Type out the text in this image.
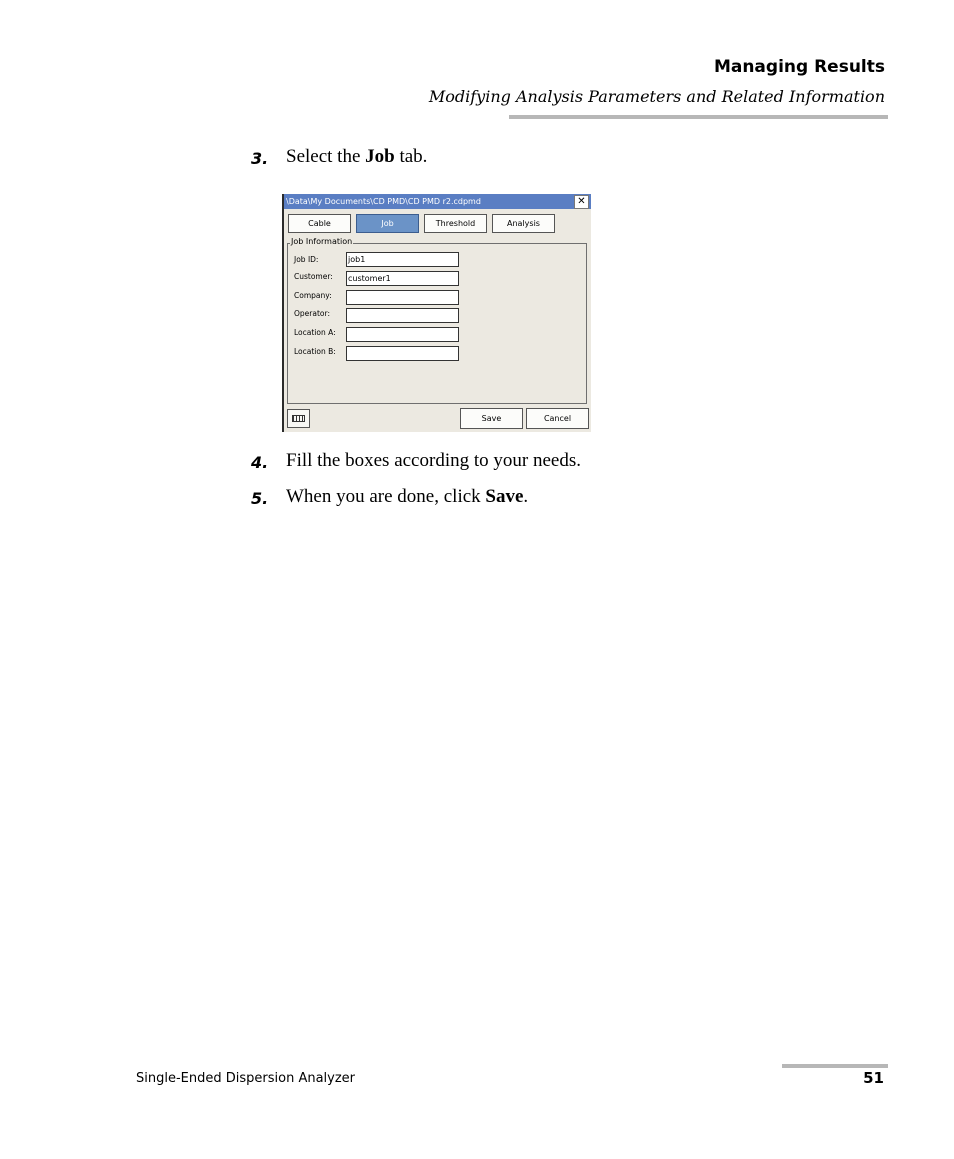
Managing Results
Modifying Analysis Parameters and Related Information
3. Select the Job tab.
\Data\My Documents\CD PMD\CD PMD r2.cdpmd	✕
Cable	Job	Threshold	Analysis
Job Information
Job ID:	job1
Customer: customer1
Company:
Operator:
Location A:
Location B:
Save	Cancel
4. Fill the boxes according to your needs.
5. When you are done, click Save.
Single-Ended Dispersion Analyzer	51
